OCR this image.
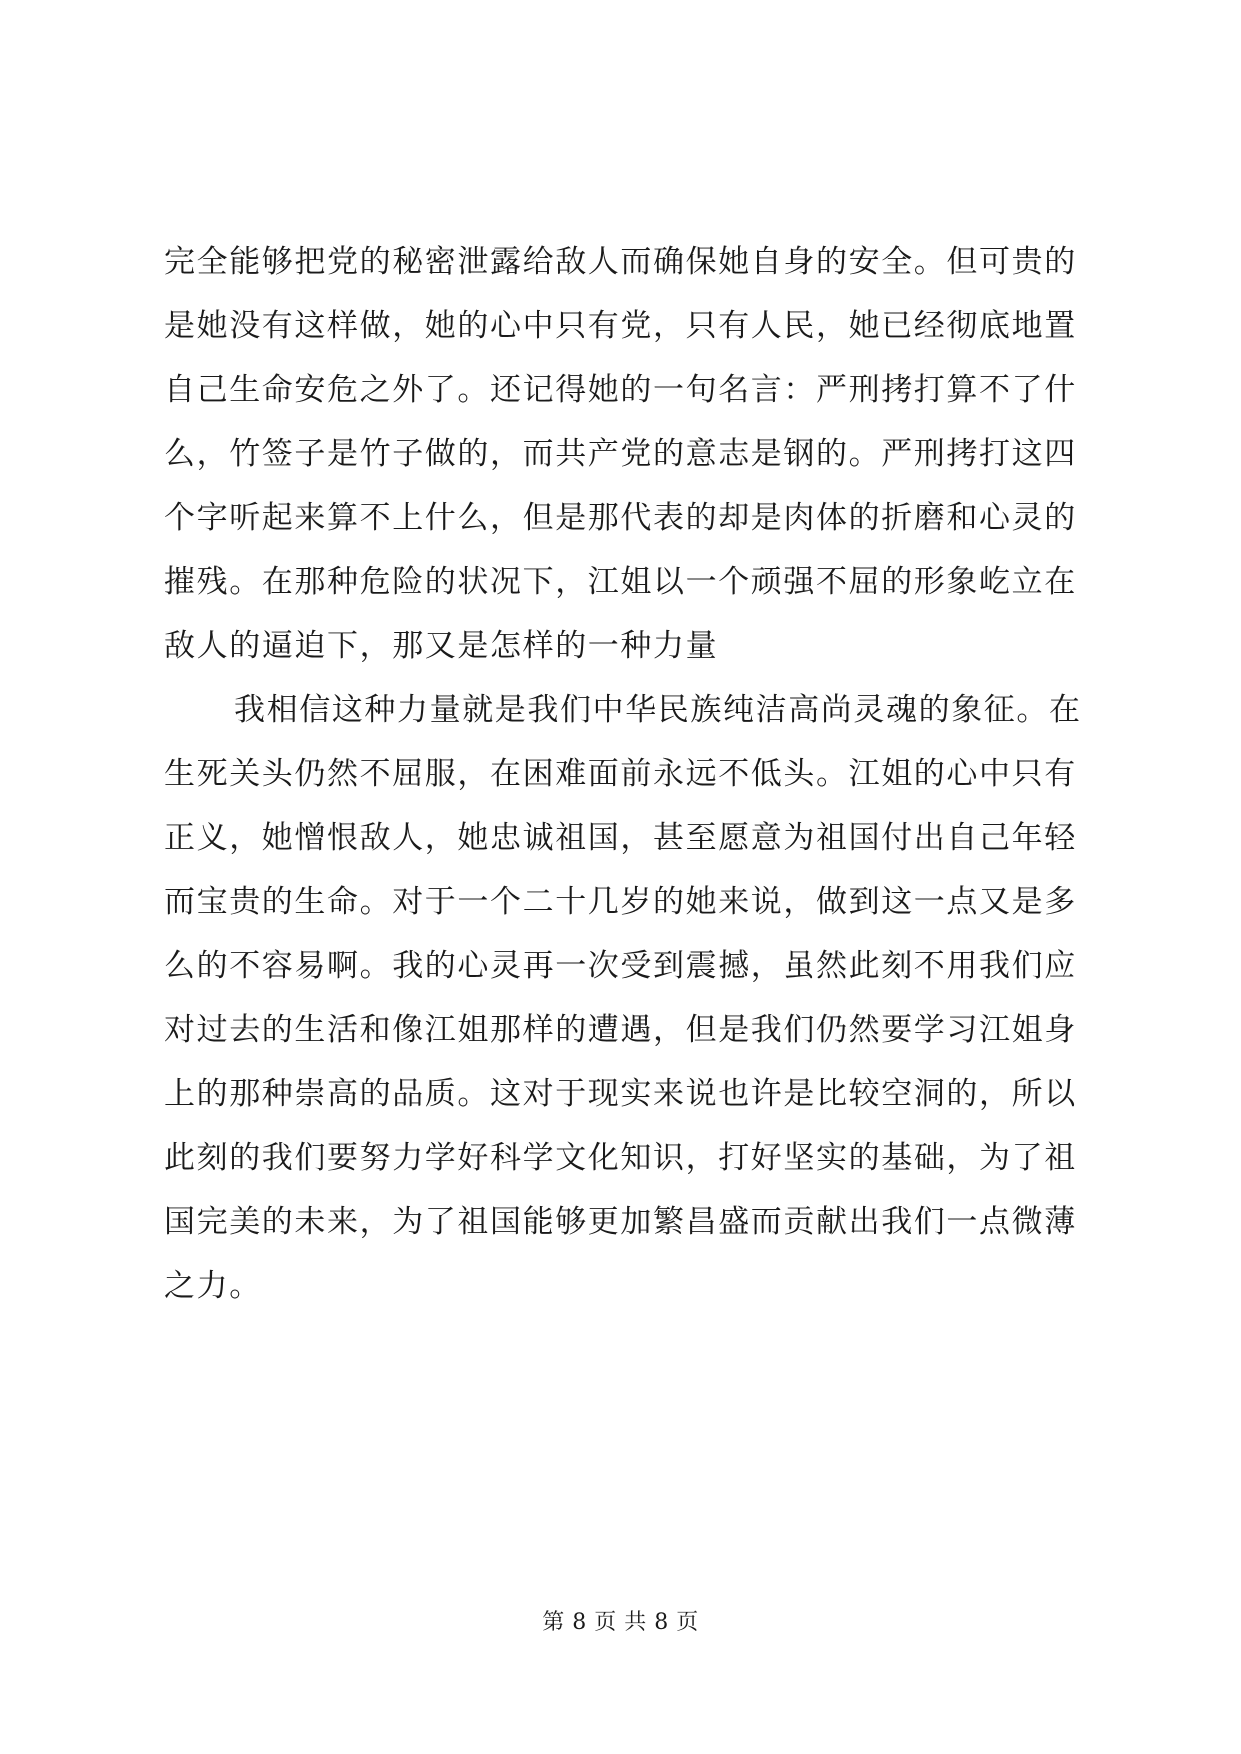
完全能够把党的秘密泄露给敌人而确保她自身的安全。但可贵的
是她没有这样做，她的心中只有党，只有人民，她已经彻底地置
自己生命安危之外了。还记得她的一句名言：严刑拷打算不了什
么，竹签子是竹子做的，而共产党的意志是钢的。严刑拷打这四
个字听起来算不上什么，但是那代表的却是肉体的折磨和心灵的
摧残。在那种危险的状况下，江姐以一个顽强不屈的形象屹立在
敌人的逼迫下，那又是怎样的一种力量
我相信这种力量就是我们中华民族纯洁高尚灵魂的象征。在
生死关头仍然不屈服，在困难面前永远不低头。江姐的心中只有
正义，她憎恨敌人，她忠诚祖国，甚至愿意为祖国付出自己年轻
而宝贵的生命。对于一个二十几岁的她来说，做到这一点又是多
么的不容易啊。我的心灵再一次受到震撼，虽然此刻不用我们应
对过去的生活和像江姐那样的遭遇，但是我们仍然要学习江姐身
上的那种崇高的品质。这对于现实来说也许是比较空洞的，所以
此刻的我们要努力学好科学文化知识，打好坚实的基础，为了祖
国完美的未来，为了祖国能够更加繁昌盛而贡献出我们一点微薄
之力。
第 8 页 共 8 页
